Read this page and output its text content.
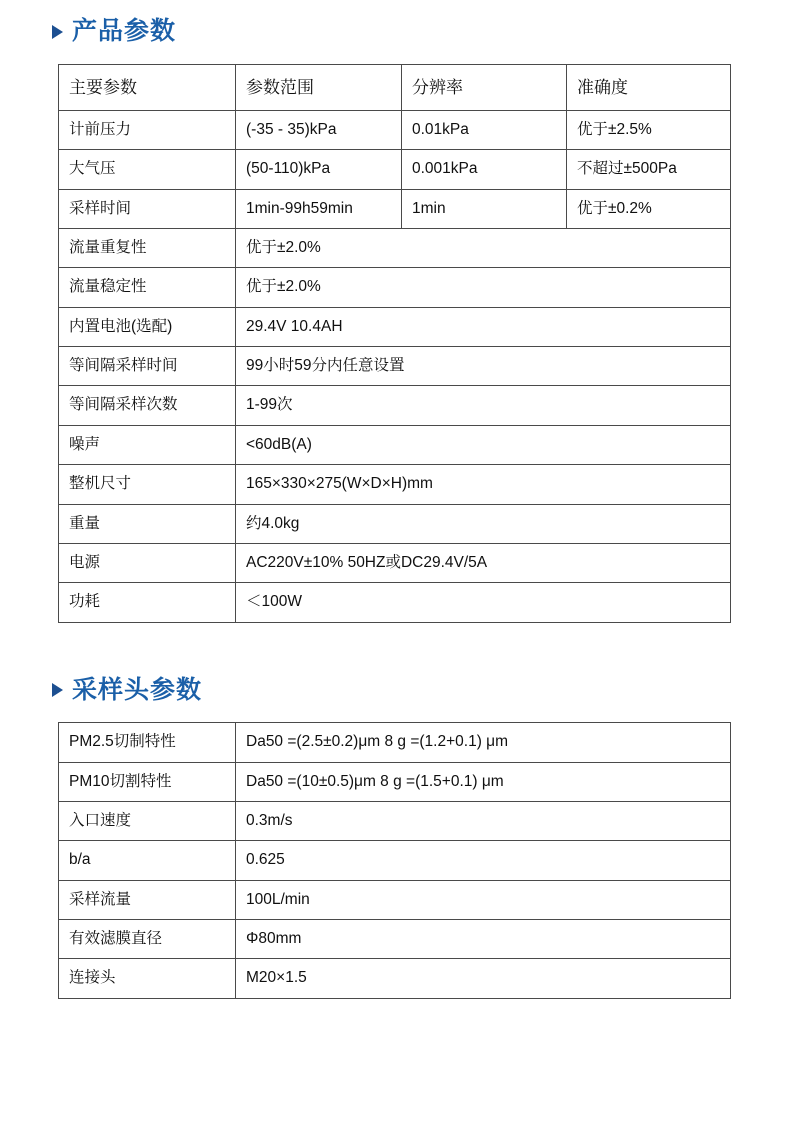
产品参数
主要参数	参数范围	分辨率	准确度
计前压力	(-35 - 35)kPa	0.01kPa	优于±2.5%
大气压	(50-110)kPa	0.001kPa	不超过±500Pa
采样时间	1min-99h59min	1min	优于±0.2%
流量重复性	优于±2.0%		
流量稳定性	优于±2.0%		
内置电池(选配)	29.4V 10.4AH		
等间隔采样时间	99小时59分内任意设置		
等间隔采样次数	1-99次		
噪声	<60dB(A)		
整机尺寸	165×330×275(W×D×H)mm		
重量	约4.0kg		
电源	AC220V±10% 50HZ或DC29.4V/5A		
功耗	＜100W		
采样头参数
PM2.5切制特性	Da50 =(2.5±0.2)μm 8 g =(1.2+0.1) μm
PM10切割特性	Da50 =(10±0.5)μm 8 g =(1.5+0.1) μm
入口速度	0.3m/s
b/a	0.625
采样流量	100L/min
有效滤膜直径	Φ80mm
连接头	M20×1.5
